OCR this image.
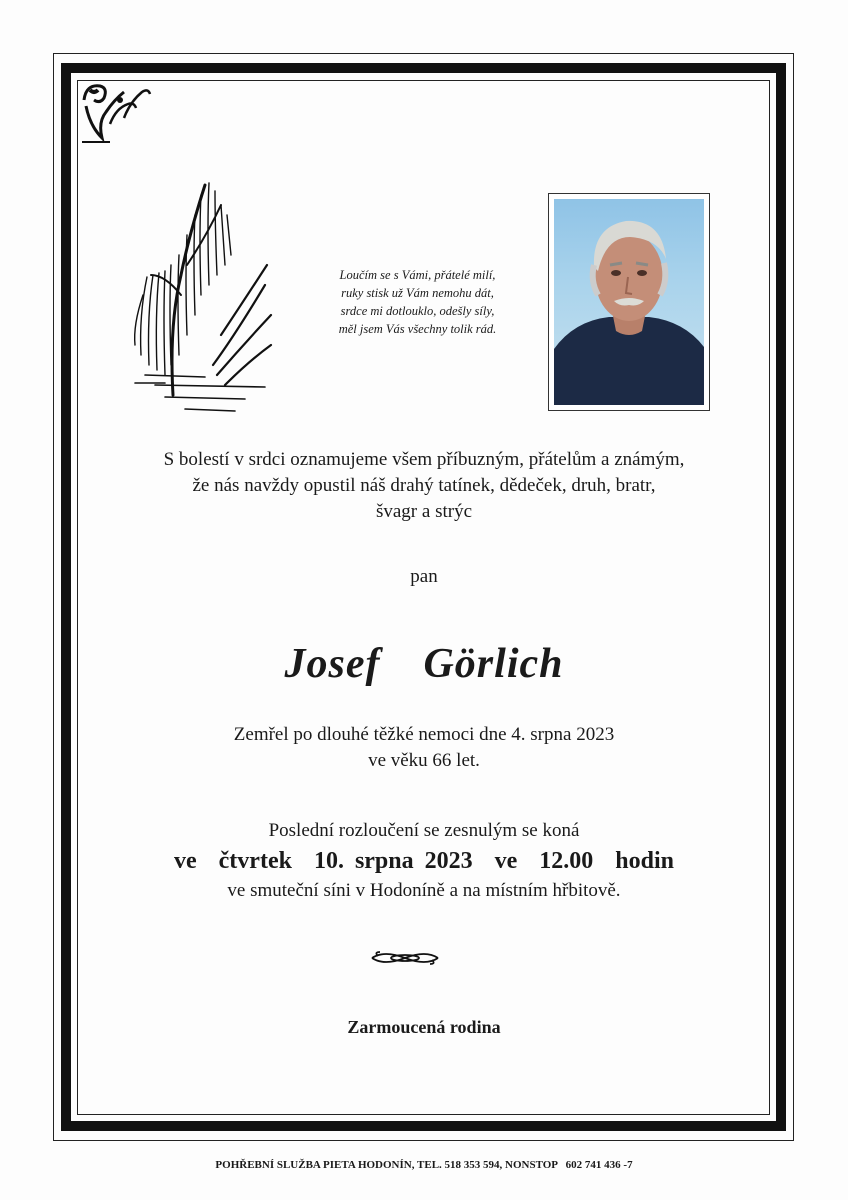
Loučím se s Vámi, přátelé milí,
ruky stisk už Vám nemohu dát,
srdce mi dotlouklo, odešly síly,
měl jsem Vás všechny tolik rád.
S bolestí v srdci oznamujeme všem příbuzným, přátelům a známým,
že nás navždy opustil náš drahý tatínek, dědeček, druh, bratr,
švagr a strýc
pan
Josef  Görlich
Zemřel po dlouhé těžké nemoci dne 4. srpna 2023
ve věku 66 let.
Poslední rozloučení se zesnulým se koná
ve  čtvrtek  10. srpna 2023  ve  12.00  hodin
ve smuteční síni v Hodoníně a na místním hřbitově.
Zarmoucená rodina
POHŘEBNÍ SLUŽBA PIETA HODONÍN, TEL. 518 353 594, NONSTOP   602 741 436 -7
